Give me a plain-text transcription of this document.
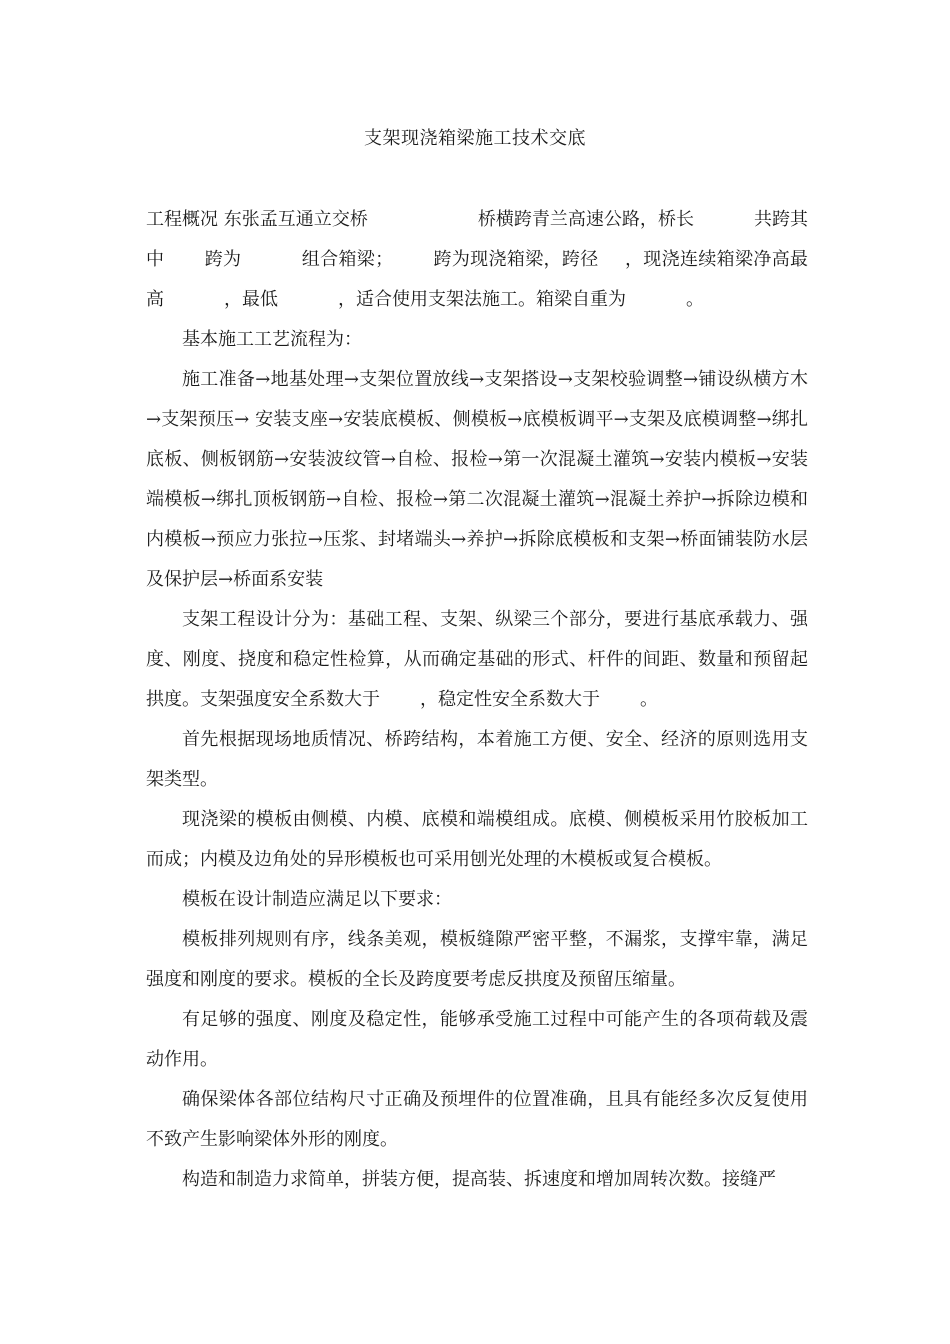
支架现浇箱梁施工技术交底

工程概况 东张孟互通立交桥	桥横跨青兰高速公路，桥长	共跨其中 跨为	组合箱梁； 跨为现浇箱梁，跨径 ，现浇连续箱梁净高最高	，最低	，适合使用支架法施工。箱梁自重为	。

基本施工工艺流程为：

施工准备→地基处理→支架位置放线→支架搭设→支架校验调整→铺设纵横方木→支架预压→ 安装支座→安装底模板、侧模板→底模板调平→支架及底模调整→绑扎底板、侧板钢筋→安装波纹管→自检、报检→第一次混凝土灌筑→安装内模板→安装端模板→绑扎顶板钢筋→自检、报检→第二次混凝土灌筑→混凝土养护→拆除边模和内模板→预应力张拉→压浆、封堵端头→养护→拆除底模板和支架→桥面铺装防水层及保护层→桥面系安装

支架工程设计分为：基础工程、支架、纵梁三个部分，要进行基底承载力、强度、刚度、挠度和稳定性检算，从而确定基础的形式、杆件的间距、数量和预留起拱度。支架强度安全系数大于 ，稳定性安全系数大于 。

首先根据现场地质情况、桥跨结构，本着施工方便、安全、经济的原则选用支架类型。

现浇梁的模板由侧模、内模、底模和端模组成。底模、侧模板采用竹胶板加工而成；内模及边角处的异形模板也可采用刨光处理的木模板或复合模板。

模板在设计制造应满足以下要求：

模板排列规则有序，线条美观，模板缝隙严密平整，不漏浆，支撑牢靠，满足强度和刚度的要求。模板的全长及跨度要考虑反拱度及预留压缩量。

有足够的强度、刚度及稳定性，能够承受施工过程中可能产生的各项荷载及震动作用。

确保梁体各部位结构尺寸正确及预埋件的位置准确，且具有能经多次反复使用不致产生影响梁体外形的刚度。

构造和制造力求简单，拼装方便，提高装、拆速度和增加周转次数。接缝严
